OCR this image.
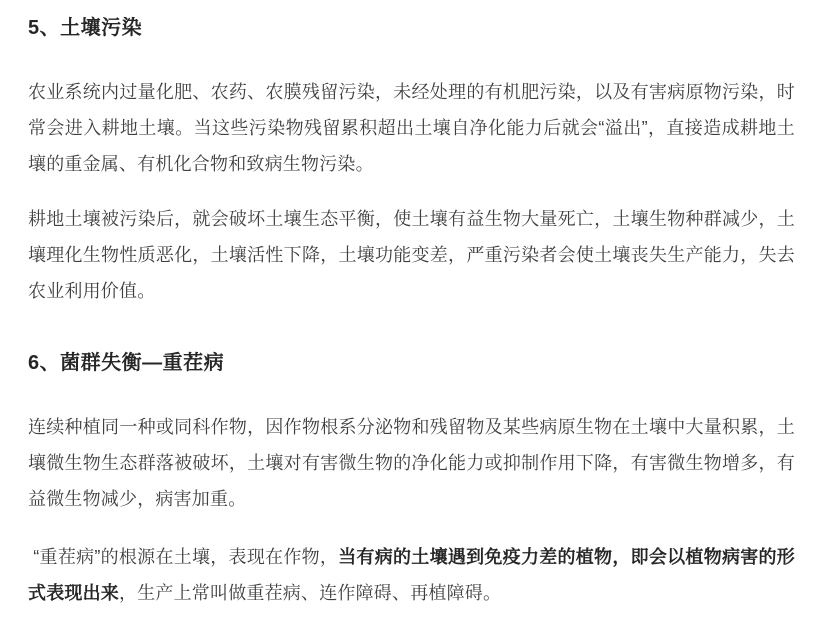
5、土壤污染

农业系统内过量化肥、农药、农膜残留污染，未经处理的有机肥污染，以及有害病原物污染，时常会进入耕地土壤。当这些污染物残留累积超出土壤自净化能力后就会“溢出”，直接造成耕地土壤的重金属、有机化合物和致病生物污染。

耕地土壤被污染后，就会破坏土壤生态平衡，使土壤有益生物大量死亡，土壤生物种群减少，土壤理化生物性质恶化，土壤活性下降，土壤功能变差，严重污染者会使土壤丧失生产能力，失去农业利用价值。

6、菌群失衡—重茬病

连续种植同一种或同科作物，因作物根系分泌物和残留物及某些病原生物在土壤中大量积累，土壤微生物生态群落被破坏，土壤对有害微生物的净化能力或抑制作用下降，有害微生物增多，有益微生物减少，病害加重。

“重茬病”的根源在土壤，表现在作物，当有病的土壤遇到免疫力差的植物，即会以植物病害的形式表现出来，生产上常叫做重茬病、连作障碍、再植障碍。
